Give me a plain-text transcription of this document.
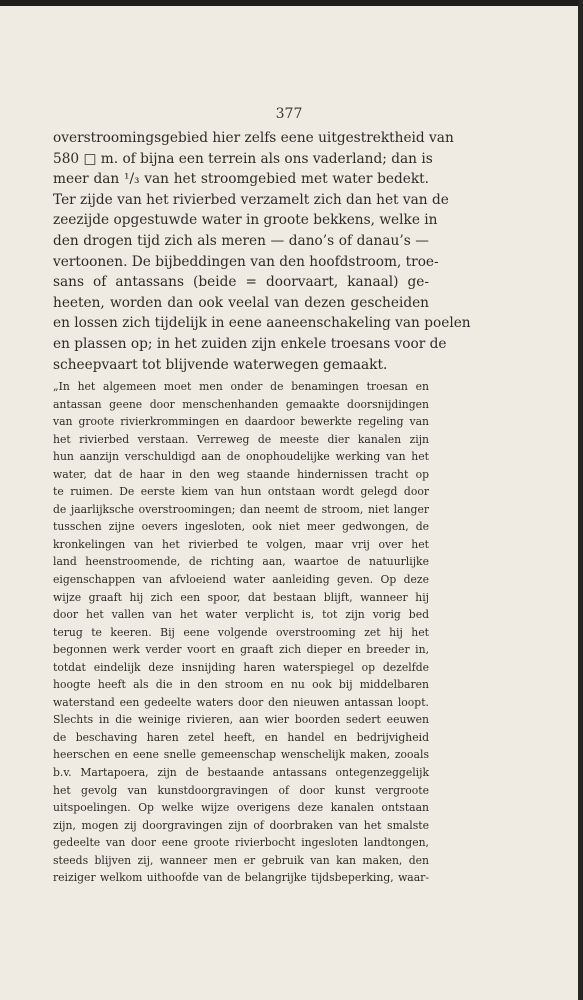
377
overstroomingsgebied hier zelfs eene uitgestrektheid van
580 □ m. of bijna een terrein als ons vaderland; dan is
meer dan ¹/₃ van het stroomgebied met water bedekt.
Ter zijde van het rivierbed verzamelt zich dan het van de
zeezijde opgestuwde water in groote bekkens, welke in
den drogen tijd zich als meren — dano’s of danau’s —
vertoonen. De bijbeddingen van den hoofdstroom, troe-
sans of antassans (beide = doorvaart, kanaal) ge-
heeten, worden dan ook veelal van dezen gescheiden
en lossen zich tijdelijk in eene aaneenschakeling van poelen
en plassen op; in het zuiden zijn enkele troesans voor de
scheepvaart tot blijvende waterwegen gemaakt.
„In het algemeen moet men onder de benamingen troesan en
antassan geene door menschenhanden gemaakte doorsnijdingen
van groote rivierkrommingen en daardoor bewerkte regeling van
het rivierbed verstaan. Verreweg de meeste dier kanalen zijn
hun aanzijn verschuldigd aan de onophoudelijke werking van het
water, dat de haar in den weg staande hindernissen tracht op
te ruimen. De eerste kiem van hun ontstaan wordt gelegd door
de jaarlijksche overstroomingen; dan neemt de stroom, niet langer
tusschen zijne oevers ingesloten, ook niet meer gedwongen, de
kronkelingen van het rivierbed te volgen, maar vrij over het
land heenstroomende, de richting aan, waartoe de natuurlijke
eigenschappen van afvloeiend water aanleiding geven. Op deze
wijze graaft hij zich een spoor, dat bestaan blijft, wanneer hij
door het vallen van het water verplicht is, tot zijn vorig bed
terug te keeren. Bij eene volgende overstrooming zet hij het
begonnen werk verder voort en graaft zich dieper en breeder in,
totdat eindelijk deze insnijding haren waterspiegel op dezelfde
hoogte heeft als die in den stroom en nu ook bij middelbaren
waterstand een gedeelte waters door den nieuwen antassan loopt.
Slechts in die weinige rivieren, aan wier boorden sedert eeuwen
de beschaving haren zetel heeft, en handel en bedrijvigheid
heerschen en eene snelle gemeenschap wenschelijk maken, zooals
b.v. Martapoera, zijn de bestaande antassans ontegenzeggelijk
het gevolg van kunstdoorgravingen of door kunst vergroote
uitspoelingen. Op welke wijze overigens deze kanalen ontstaan
zijn, mogen zij doorgravingen zijn of doorbraken van het smalste
gedeelte van door eene groote rivierbocht ingesloten landtongen,
steeds blijven zij, wanneer men er gebruik van kan maken, den
reiziger welkom uithoofde van de belangrijke tijdsbeperking, waar-
